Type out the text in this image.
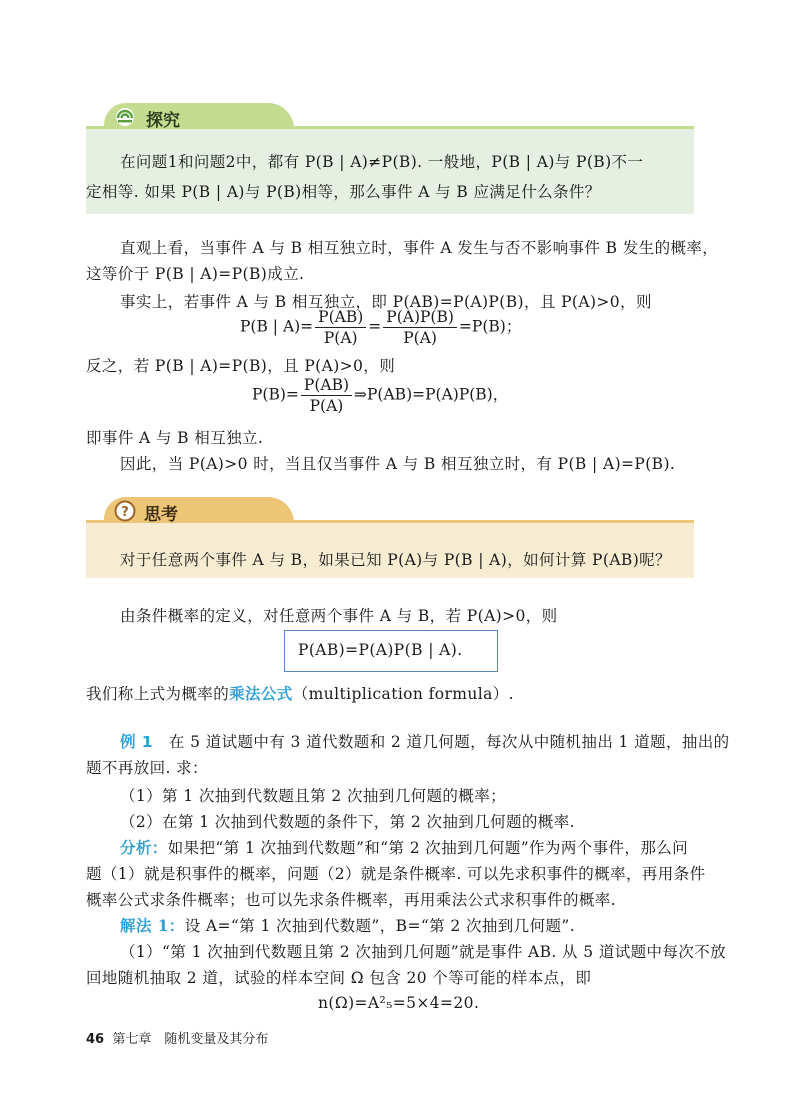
探究
在问题1和问题2中，都有 P(B | A)≠P(B). 一般地，P(B | A)与 P(B)不一
定相等. 如果 P(B | A)与 P(B)相等，那么事件 A 与 B 应满足什么条件？
直观上看，当事件 A 与 B 相互独立时，事件 A 发生与否不影响事件 B 发生的概率，
这等价于 P(B | A)=P(B)成立.
事实上，若事件 A 与 B 相互独立，即 P(AB)=P(A)P(B)，且 P(A)>0，则
P(B | $A)= \frac{P(AB)}{P(A)} = \frac{P(A)P(B)}{P(A)} =P(B)$；
反之，若 P(B | A)=P(B)，且 P(A)>0，则
$P(B)= \frac{P(AB)}{P(A)}$ ⇒P(AB)=P(A)P(B)，
即事件 A 与 B 相互独立.
因此，当 P(A)>0 时，当且仅当事件 A 与 B 相互独立时，有 P(B | A)=P(B).
? 思考
对于任意两个事件 A 与 B，如果已知 P(A)与 P(B | A)，如何计算 P(AB)呢？
由条件概率的定义，对任意两个事件 A 与 B，若 P(A)>0，则
P(AB)=P(A)P(B | A).
我们称上式为概率的乘法公式（multiplication formula）.
例 1 在 5 道试题中有 3 道代数题和 2 道几何题，每次从中随机抽出 1 道题，抽出的
题不再放回. 求：
（1）第 1 次抽到代数题且第 2 次抽到几何题的概率；
（2）在第 1 次抽到代数题的条件下，第 2 次抽到几何题的概率.
分析：如果把“第 1 次抽到代数题”和“第 2 次抽到几何题”作为两个事件，那么问
题（1）就是积事件的概率，问题（2）就是条件概率. 可以先求积事件的概率，再用条件
概率公式求条件概率；也可以先求条件概率，再用乘法公式求积事件的概率.
解法 1：设 A=“第 1 次抽到代数题”，B=“第 2 次抽到几何题”.
（1）“第 1 次抽到代数题且第 2 次抽到几何题”就是事件 AB. 从 5 道试题中每次不放
回地随机抽取 2 道，试验的样本空间 Ω 包含 20 个等可能的样本点，即
n(Ω)=A²₅=5×4=20.
46 第七章　随机变量及其分布
